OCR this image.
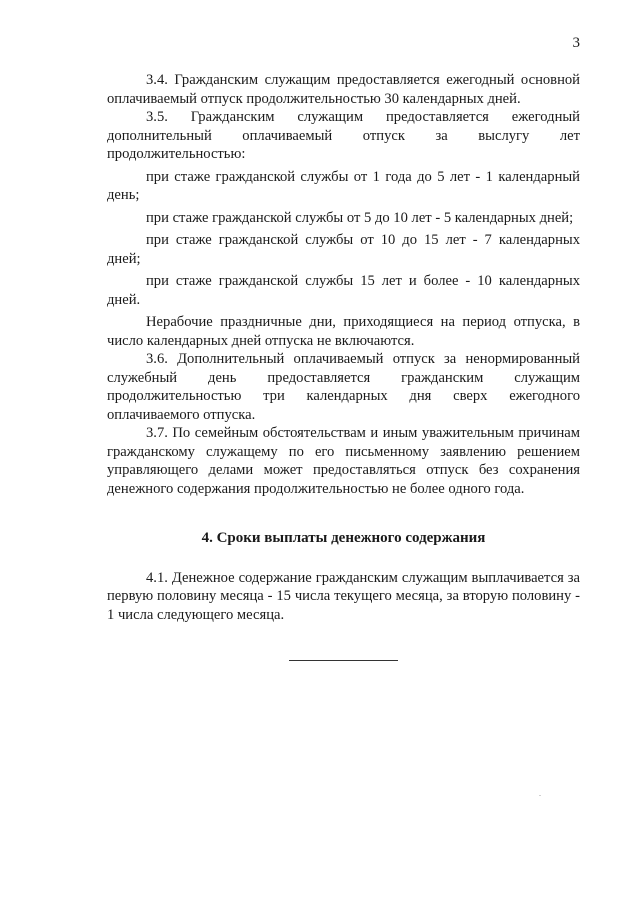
3

3.4. Гражданским служащим предоставляется ежегодный основной оплачиваемый отпуск продолжительностью 30 календарных дней.

3.5. Гражданским служащим предоставляется ежегодный дополнительный оплачиваемый отпуск за выслугу лет продолжительностью:

при стаже гражданской службы от 1 года до 5 лет - 1 календарный день;

при стаже гражданской службы от 5 до 10 лет - 5 календарных дней;

при стаже гражданской службы от 10 до 15 лет - 7 календарных дней;

при стаже гражданской службы 15 лет и более - 10 календарных дней.

Нерабочие праздничные дни, приходящиеся на период отпуска, в число календарных дней отпуска не включаются.

3.6. Дополнительный оплачиваемый отпуск за ненормированный служебный день предоставляется гражданским служащим продолжительностью три календарных дня сверх ежегодного оплачиваемого отпуска.

3.7. По семейным обстоятельствам и иным уважительным причинам гражданскому служащему по его письменному заявлению решением управляющего делами может предоставляться отпуск без сохранения денежного содержания продолжительностью не более одного года.

4. Сроки выплаты денежного содержания

4.1. Денежное содержание гражданским служащим выплачивается за первую половину месяца - 15 числа текущего месяца, за вторую половину - 1 числа следующего месяца.

.
